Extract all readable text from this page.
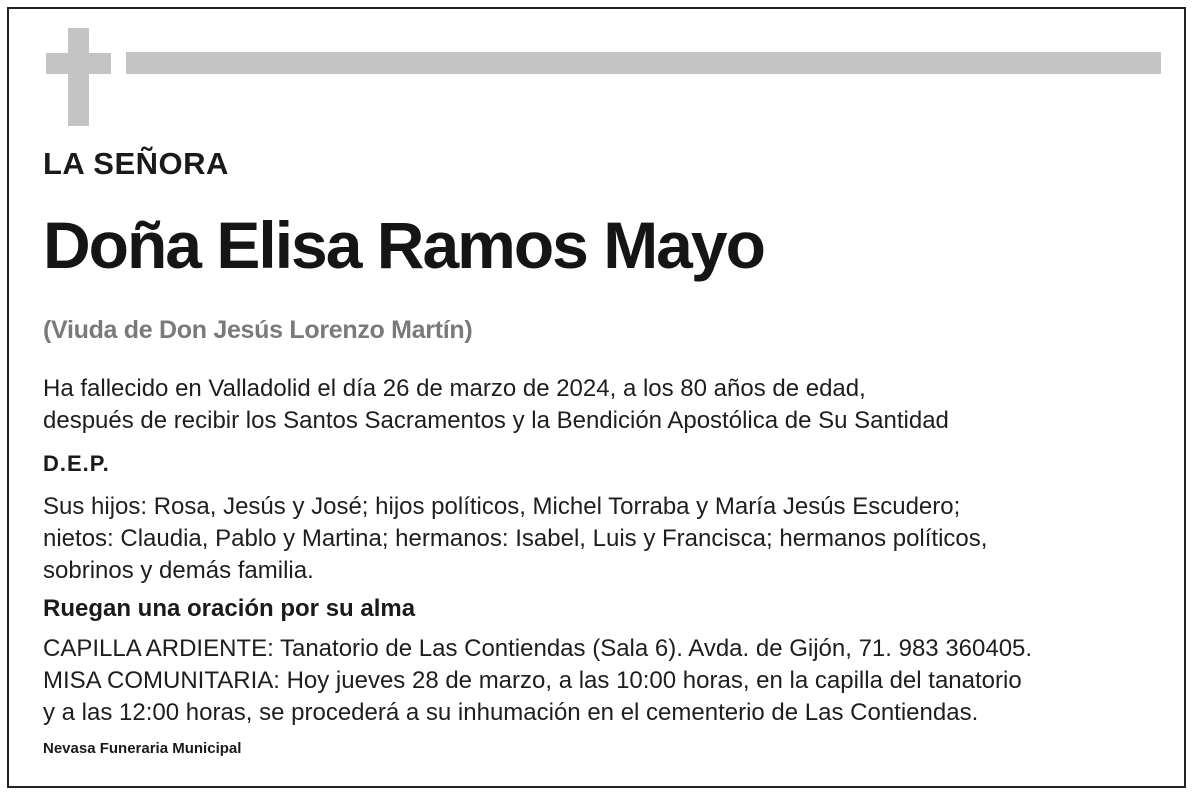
LA SEÑORA
Doña Elisa Ramos Mayo
(Viuda de Don Jesús Lorenzo Martín)
Ha fallecido en Valladolid el día 26 de marzo de 2024, a los 80 años de edad,
después de recibir los Santos Sacramentos y la Bendición Apostólica de Su Santidad
D.E.P.
Sus hijos: Rosa, Jesús y José; hijos políticos, Michel Torraba y María Jesús Escudero;
nietos: Claudia, Pablo y Martina; hermanos: Isabel, Luis y Francisca; hermanos políticos,
sobrinos y demás familia.
Ruegan una oración por su alma
CAPILLA ARDIENTE: Tanatorio de Las Contiendas (Sala 6). Avda. de Gijón, 71. 983 360405.
MISA COMUNITARIA: Hoy jueves 28 de marzo, a las 10:00 horas, en la capilla del tanatorio
y a las 12:00 horas, se procederá a su inhumación en el cementerio de Las Contiendas.
Nevasa Funeraria Municipal
